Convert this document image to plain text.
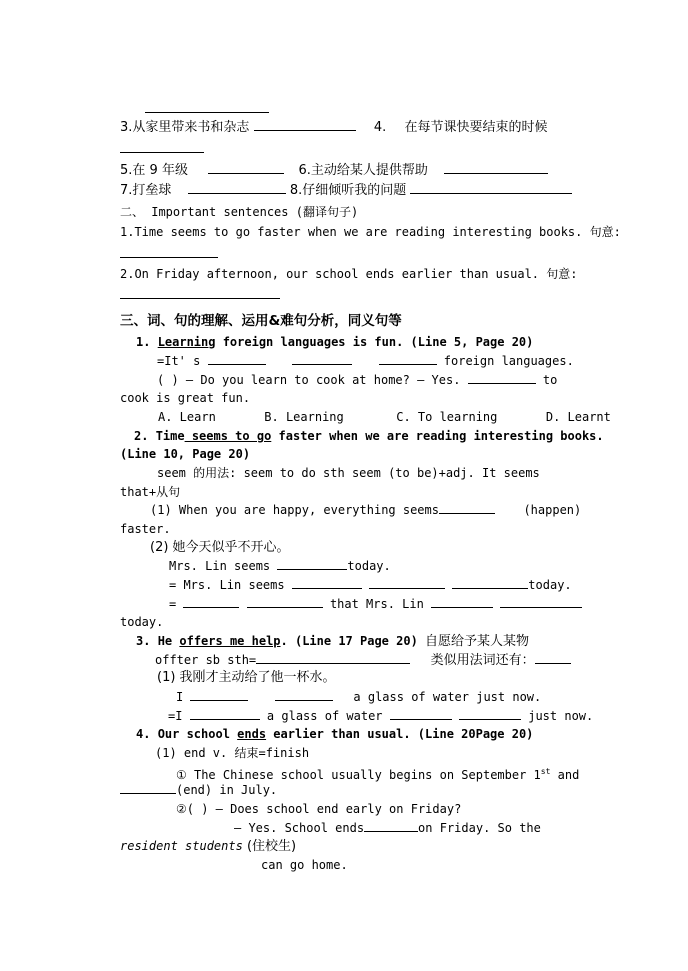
3.从家里带来书和杂志	4. 在每节课快要结束的时候
5.在 9 年级	6.主动给某人提供帮助
7.打垒球	8.仔细倾听我的问题
二、 Important sentences (翻译句子)
1.Time seems to go faster when we are reading interesting books. 句意:
2.On Friday afternoon, our school ends earlier than usual. 句意:
三、词、句的理解、运用&难句分析，同义句等
1. Learning foreign languages is fun. (Line 5, Page 20)
=It' s	foreign languages.
( ) — Do you learn to cook at home? — Yes.	to
cook is great fun.
A. Learn	B. Learning	C. To learning	D. Learnt
2. Time seems to go faster when we are reading interesting books.
(Line 10, Page 20)
seem 的用法: seem to do sth seem (to be)+adj. It seems
that+从句
(1) When you are happy, everything seems	(happen)
faster.
(2) 她今天似乎不开心。
Mrs. Lin seems	today.
= Mrs. Lin seems	today.
=	that Mrs. Lin
today.
3. He offers me help. (Line 17 Page 20) 自愿给予某人某物
offter sb sth=	类似用法词还有：
(1) 我刚才主动给了他一杯水。
I	a glass of water just now.
=I	a glass of water	just now.
4. Our school ends earlier than usual. (Line 20Page 20)
(1) end v. 结束=finish
① The Chinese school usually begins on September 1st and
(end) in July.
②( ) — Does school end early on Friday?
— Yes. School ends	on Friday. So the
resident students (住校生)
can go home.
